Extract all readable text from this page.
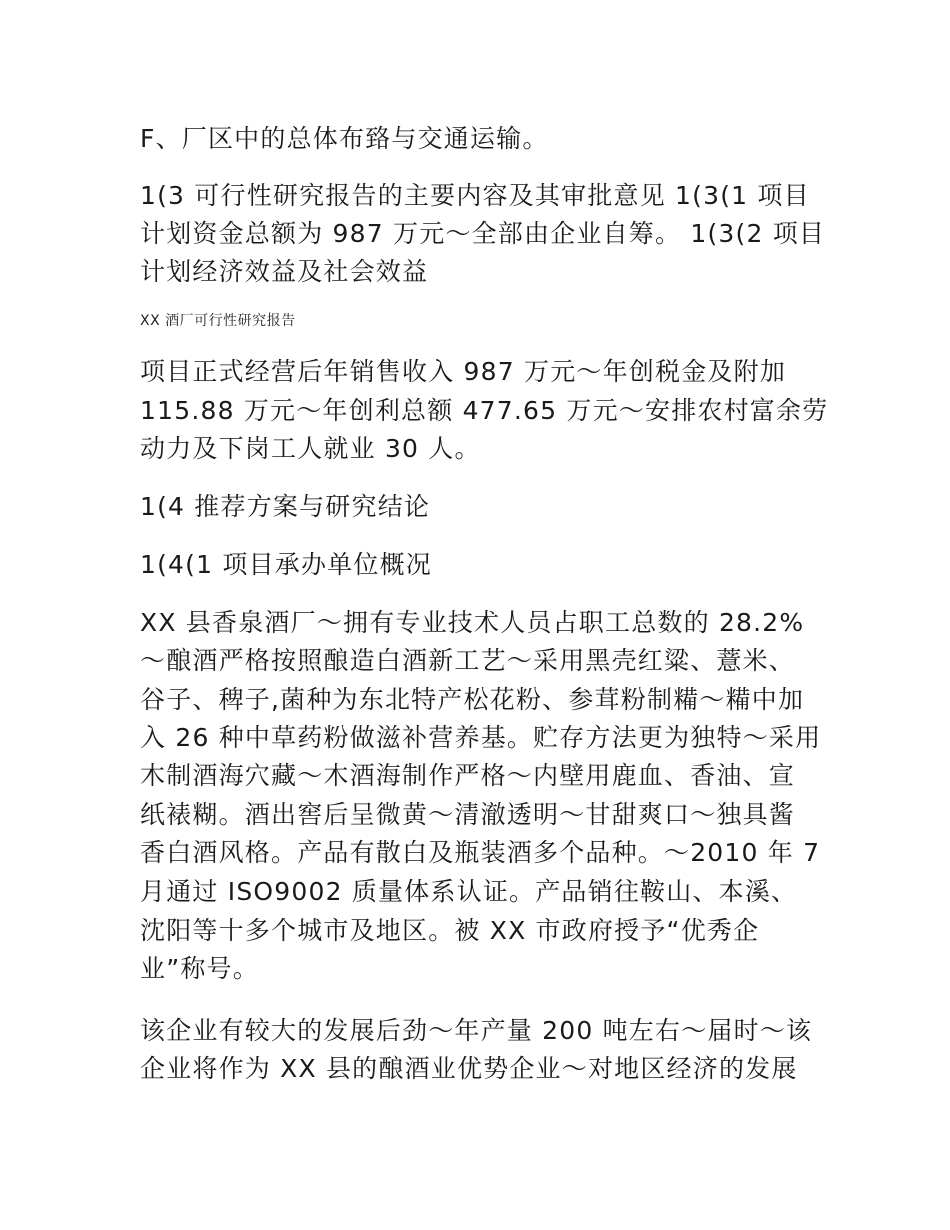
F、厂区中的总体布臵与交通运输。
1(3 可行性研究报告的主要内容及其审批意见 1(3(1 项目
计划资金总额为 987 万元～全部由企业自筹。 1(3(2 项目
计划经济效益及社会效益
XX 酒厂可行性研究报告
项目正式经营后年销售收入 987 万元～年创税金及附加
115.88 万元～年创利总额 477.65 万元～安排农村富余劳
动力及下岗工人就业 30 人。
1(4 推荐方案与研究结论
1(4(1 项目承办单位概况
XX 县香泉酒厂～拥有专业技术人员占职工总数的 28.2%
～酿酒严格按照酿造白酒新工艺～采用黑壳红粱、薏米、
谷子、稗子,菌种为东北特产松花粉、参茸粉制糒～糒中加
入 26 种中草药粉做滋补营养基。贮存方法更为独特～采用
木制酒海穴藏～木酒海制作严格～内壁用鹿血、香油、宣
纸裱糊。酒出窖后呈微黄～清澈透明～甘甜爽口～独具酱
香白酒风格。产品有散白及瓶装酒多个品种。～2010 年 7
月通过 ISO9002 质量体系认证。产品销往鞍山、本溪、
沈阳等十多个城市及地区。被 XX 市政府授予“优秀企
业”称号。
该企业有较大的发展后劲～年产量 200 吨左右～届时～该
企业将作为 XX 县的酿酒业优势企业～对地区经济的发展
